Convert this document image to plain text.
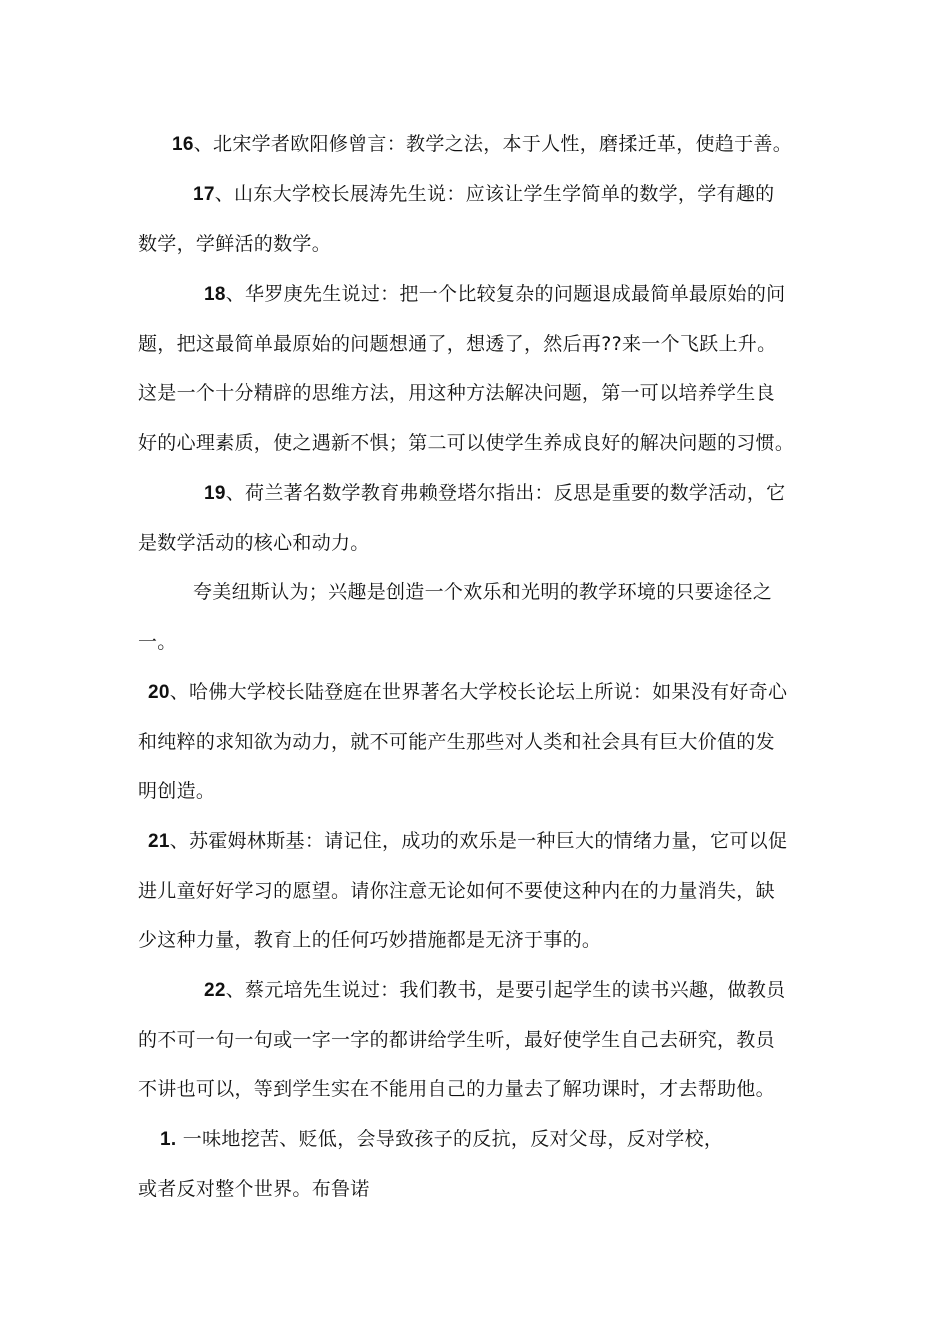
16、北宋学者欧阳修曾言：教学之法，本于人性，磨揉迁革，使趋于善。
17、山东大学校长展涛先生说：应该让学生学简单的数学，学有趣的
数学，学鲜活的数学。
18、华罗庚先生说过：把一个比较复杂的问题退成最简单最原始的问
题，把这最简单最原始的问题想通了，想透了，然后再??来一个飞跃上升。
这是一个十分精辟的思维方法，用这种方法解决问题，第一可以培养学生良
好的心理素质，使之遇新不惧；第二可以使学生养成良好的解决问题的习惯。
19、荷兰著名数学教育弗赖登塔尔指出：反思是重要的数学活动，它
是数学活动的核心和动力。
夸美纽斯认为；兴趣是创造一个欢乐和光明的教学环境的只要途径之
一。
20、哈佛大学校长陆登庭在世界著名大学校长论坛上所说：如果没有好奇心
和纯粹的求知欲为动力，就不可能产生那些对人类和社会具有巨大价值的发
明创造。
21、苏霍姆林斯基：请记住，成功的欢乐是一种巨大的情绪力量，它可以促
进儿童好好学习的愿望。请你注意无论如何不要使这种内在的力量消失，缺
少这种力量，教育上的任何巧妙措施都是无济于事的。
22、蔡元培先生说过：我们教书，是要引起学生的读书兴趣，做教员
的不可一句一句或一字一字的都讲给学生听，最好使学生自己去研究，教员
不讲也可以，等到学生实在不能用自己的力量去了解功课时，才去帮助他。
1. 一味地挖苦、贬低，会导致孩子的反抗，反对父母，反对学校，
或者反对整个世界。布鲁诺
